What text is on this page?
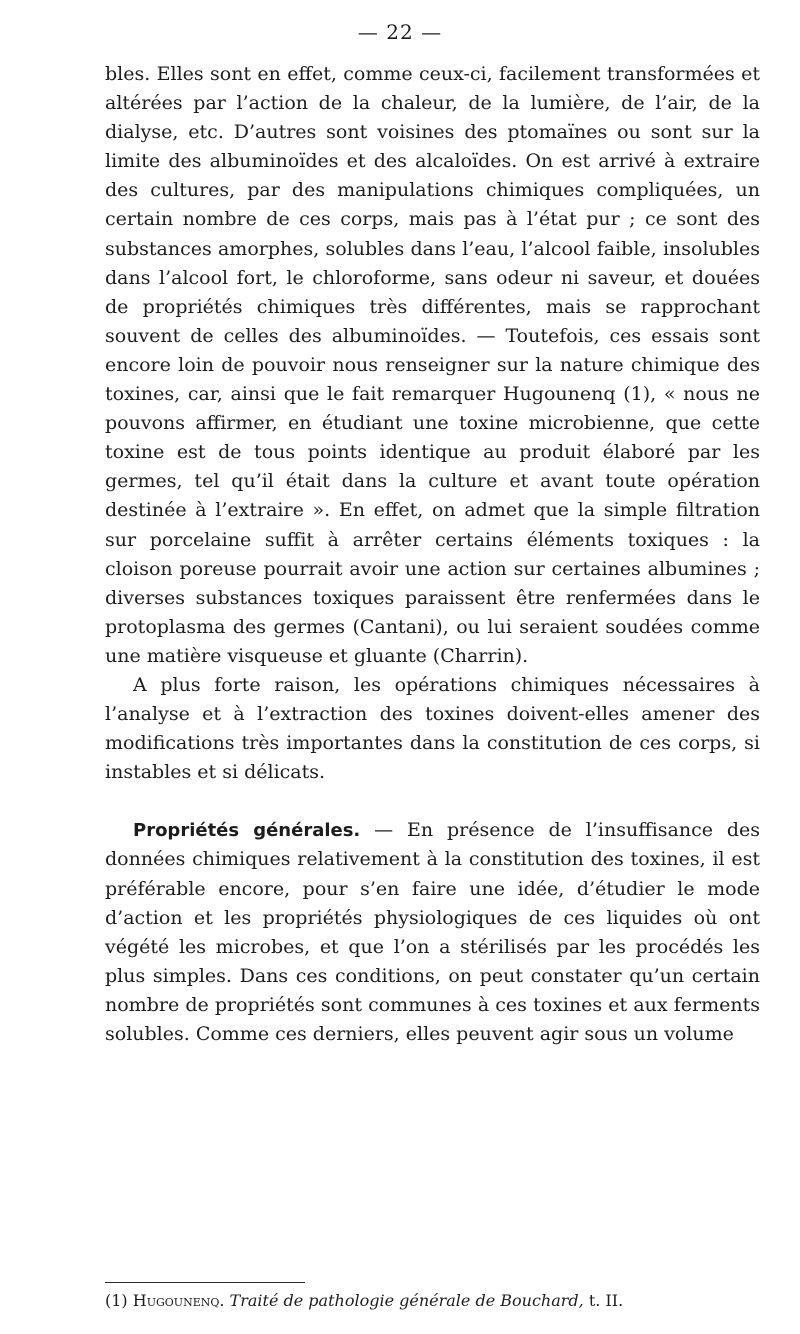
— 22 —

bles. Elles sont en effet, comme ceux-ci, facilement transformées et altérées par l’action de la chaleur, de la lumière, de l’air, de la dialyse, etc. D’autres sont voisines des ptomaïnes ou sont sur la limite des albuminoïdes et des alcaloïdes. On est arrivé à extraire des cultures, par des manipulations chimiques compliquées, un certain nombre de ces corps, mais pas à l’état pur ; ce sont des substances amorphes, solubles dans l’eau, l’alcool faible, insolubles dans l’alcool fort, le chloroforme, sans odeur ni saveur, et douées de propriétés chimiques très différentes, mais se rapprochant souvent de celles des albuminoïdes. — Toutefois, ces essais sont encore loin de pouvoir nous renseigner sur la nature chimique des toxines, car, ainsi que le fait remarquer Hugounenq (1), « nous ne pouvons affirmer, en étudiant une toxine microbienne, que cette toxine est de tous points identique au produit élaboré par les germes, tel qu’il était dans la culture et avant toute opération destinée à l’extraire ». En effet, on admet que la simple filtration sur porcelaine suffit à arrêter certains éléments toxiques : la cloison poreuse pourrait avoir une action sur certaines albumines ; diverses substances toxiques paraissent être renfermées dans le protoplasma des germes (Cantani), ou lui seraient soudées comme une matière visqueuse et gluante (Charrin).

A plus forte raison, les opérations chimiques nécessaires à l’analyse et à l’extraction des toxines doivent-elles amener des modifications très importantes dans la constitution de ces corps, si instables et si délicats.

Propriétés générales. — En présence de l’insuffisance des données chimiques relativement à la constitution des toxines, il est préférable encore, pour s’en faire une idée, d’étudier le mode d’action et les propriétés physiologiques de ces liquides où ont végété les microbes, et que l’on a stérilisés par les procédés les plus simples. Dans ces conditions, on peut constater qu’un certain nombre de propriétés sont communes à ces toxines et aux ferments solubles. Comme ces derniers, elles peuvent agir sous un volume

(1) Hugounenq. Traité de pathologie générale de Bouchard, t. II.
